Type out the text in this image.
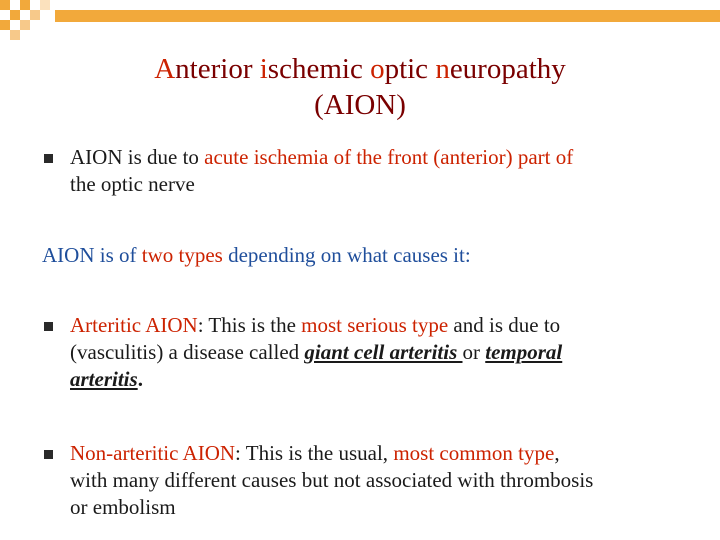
Anterior ischemic optic neuropathy
(AION)
AION is due to acute ischemia of the front (anterior) part of
the optic nerve
AION is of two types depending on what causes it:
Arteritic AION: This is the most serious type and is due to
(vasculitis) a disease called giant cell arteritis or temporal
arteritis.
Non-arteritic AION: This is the usual, most common type,
with many different causes but not associated with thrombosis
or embolism
